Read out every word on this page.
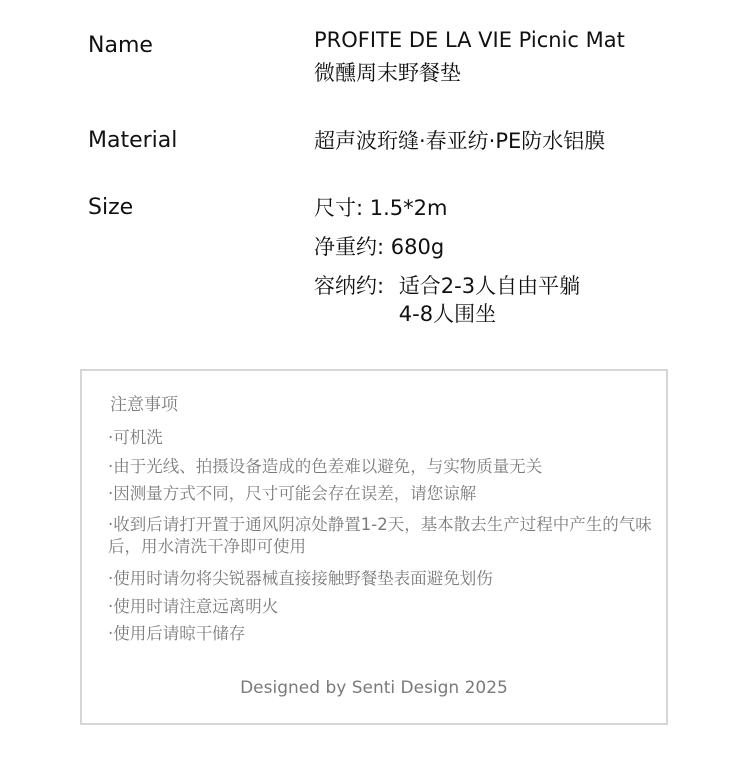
Name	PROFITE DE LA VIE Picnic Mat
微醺周末野餐垫
Material	超声波珩缝·春亚纺·PE防水铝膜
Size	尺寸: 1.5*2m
净重约: 680g
容纳约: 适合2-3人自由平躺
4-8人围坐
注意事项
·可机洗
·由于光线、拍摄设备造成的色差难以避免，与实物质量无关
·因测量方式不同，尺寸可能会存在误差，请您谅解
·收到后请打开置于通风阴凉处静置1-2天，基本散去生产过程中产生的气味后，用水清洗干净即可使用
·使用时请勿将尖锐器械直接接触野餐垫表面避免划伤
·使用时请注意远离明火
·使用后请晾干储存
Designed by Senti Design 2025
